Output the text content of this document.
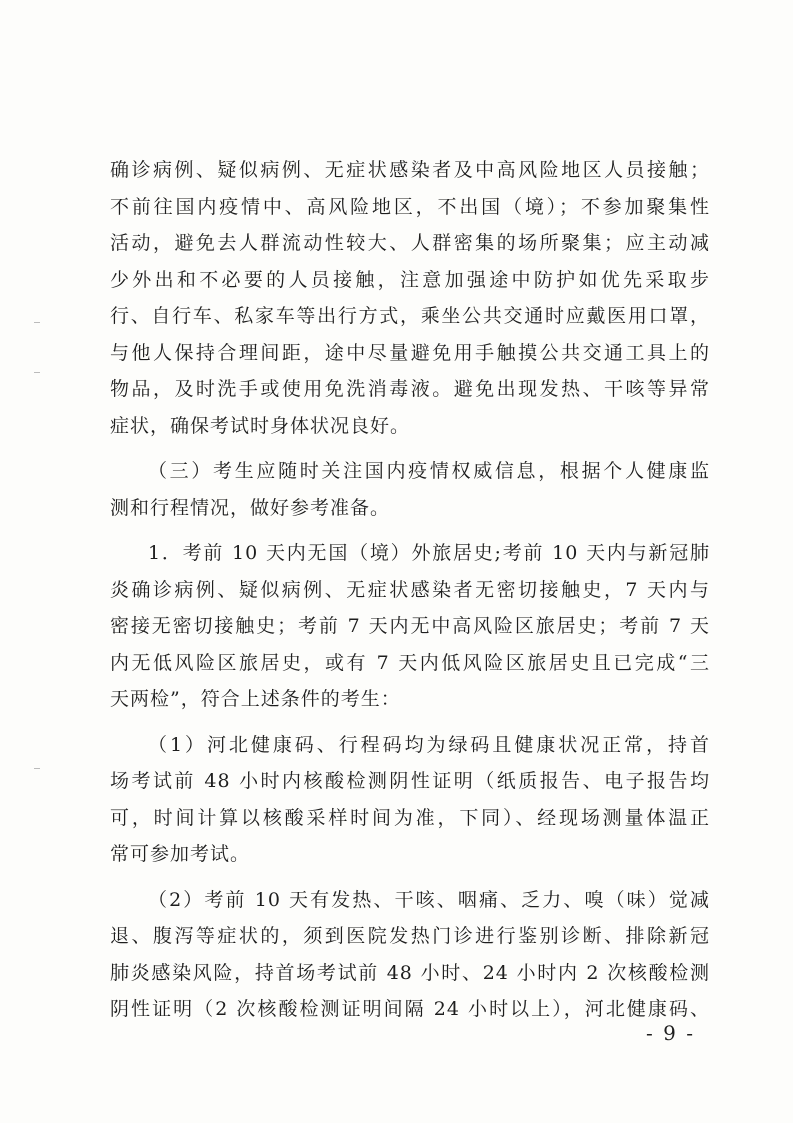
确诊病例、疑似病例、无症状感染者及中高风险地区人员接触；
不前往国内疫情中、高风险地区，不出国（境）；不参加聚集性
活动，避免去人群流动性较大、人群密集的场所聚集；应主动减
少外出和不必要的人员接触，注意加强途中防护如优先采取步
行、自行车、私家车等出行方式，乘坐公共交通时应戴医用口罩，
与他人保持合理间距，途中尽量避免用手触摸公共交通工具上的
物品，及时洗手或使用免洗消毒液。避免出现发热、干咳等异常
症状，确保考试时身体状况良好。
（三）考生应随时关注国内疫情权威信息，根据个人健康监
测和行程情况，做好参考准备。
1．考前 10 天内无国（境）外旅居史;考前 10 天内与新冠肺
炎确诊病例、疑似病例、无症状感染者无密切接触史，7 天内与
密接无密切接触史；考前 7 天内无中高风险区旅居史；考前 7 天
内无低风险区旅居史，或有 7 天内低风险区旅居史且已完成“三
天两检”，符合上述条件的考生：
（1）河北健康码、行程码均为绿码且健康状况正常，持首
场考试前 48 小时内核酸检测阴性证明（纸质报告、电子报告均
可，时间计算以核酸采样时间为准，下同）、经现场测量体温正
常可参加考试。
（2）考前 10 天有发热、干咳、咽痛、乏力、嗅（味）觉减
退、腹泻等症状的，须到医院发热门诊进行鉴别诊断、排除新冠
肺炎感染风险，持首场考试前 48 小时、24 小时内 2 次核酸检测
阴性证明（2 次核酸检测证明间隔 24 小时以上），河北健康码、
- 9 -
